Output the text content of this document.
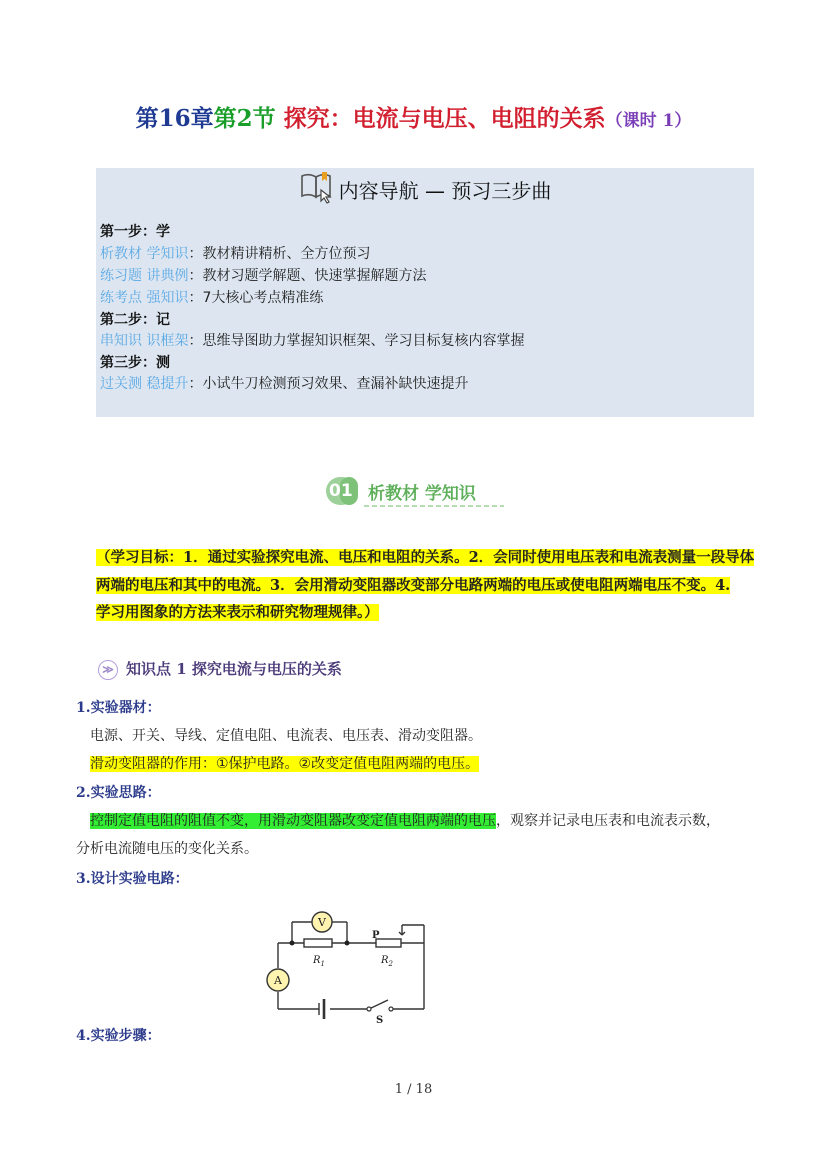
第16章第2节 探究：电流与电压、电阻的关系（课时 1）
内容导航 — 预习三步曲
第一步：学
析教材 学知识：教材精讲精析、全方位预习
练习题 讲典例：教材习题学解题、快速掌握解题方法
练考点 强知识：7大核心考点精准练
第二步：记
串知识 识框架：思维导图助力掌握知识框架、学习目标复核内容掌握
第三步：测
过关测 稳提升：小试牛刀检测预习效果、查漏补缺快速提升
01 析教材 学知识
（学习目标：1．通过实验探究电流、电压和电阻的关系。2．会同时使用电压表和电流表测量一段导体
两端的电压和其中的电流。3．会用滑动变阻器改变部分电路两端的电压或使电阻两端电压不变。4.
学习用图象的方法来表示和研究物理规律。）
≫ 知识点 1 探究电流与电压的关系
1.实验器材：
电源、开关、导线、定值电阻、电流表、电压表、滑动变阻器。
滑动变阻器的作用：①保护电路。②改变定值电阻两端的电压。
2.实验思路：
控制定值电阻的阻值不变，用滑动变阻器改变定值电阻两端的电压，观察并记录电压表和电流表示数，
分析电流随电压的变化关系。
3.设计实验电路：
V
A
$R_1$	$R_2$
P
S
4.实验步骤：
1 / 18
